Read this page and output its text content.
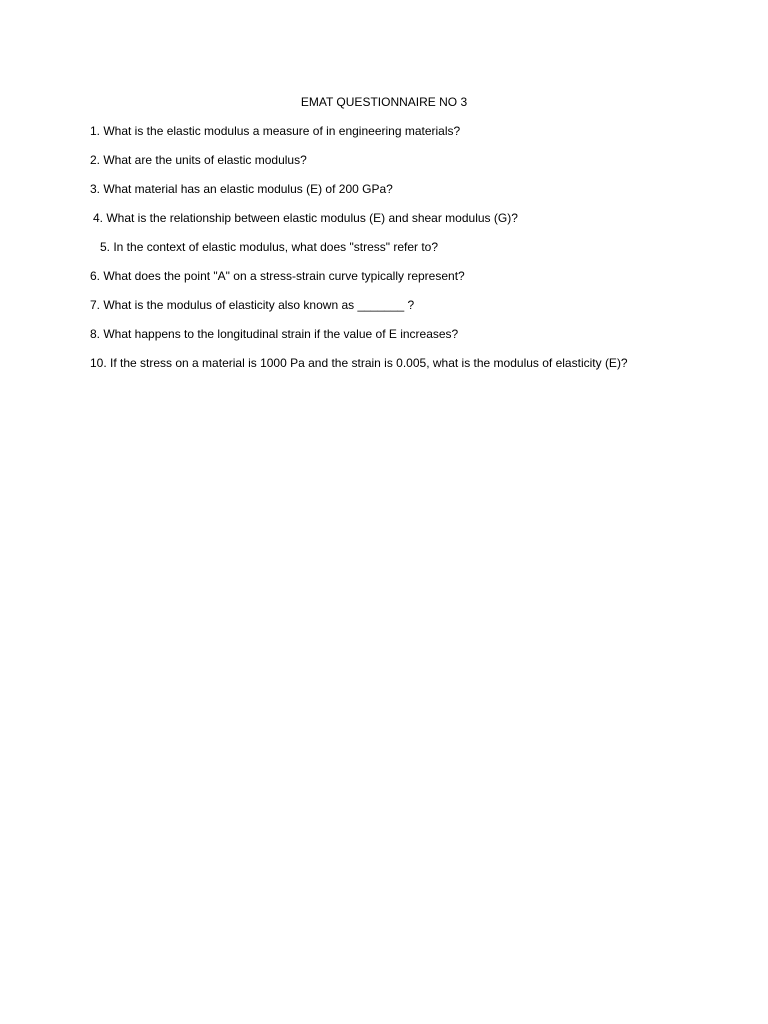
EMAT QUESTIONNAIRE NO 3
1. What is the elastic modulus a measure of in engineering materials?
2. What are the units of elastic modulus?
3. What material has an elastic modulus (E) of 200 GPa?
4. What is the relationship between elastic modulus (E) and shear modulus (G)?
5. In the context of elastic modulus, what does "stress" refer to?
6. What does the point "A" on a stress-strain curve typically represent?
7. What is the modulus of elasticity also known as _______ ?
8. What happens to the longitudinal strain if the value of E increases?
10. If the stress on a material is 1000 Pa and the strain is 0.005, what is the modulus of elasticity (E)?
